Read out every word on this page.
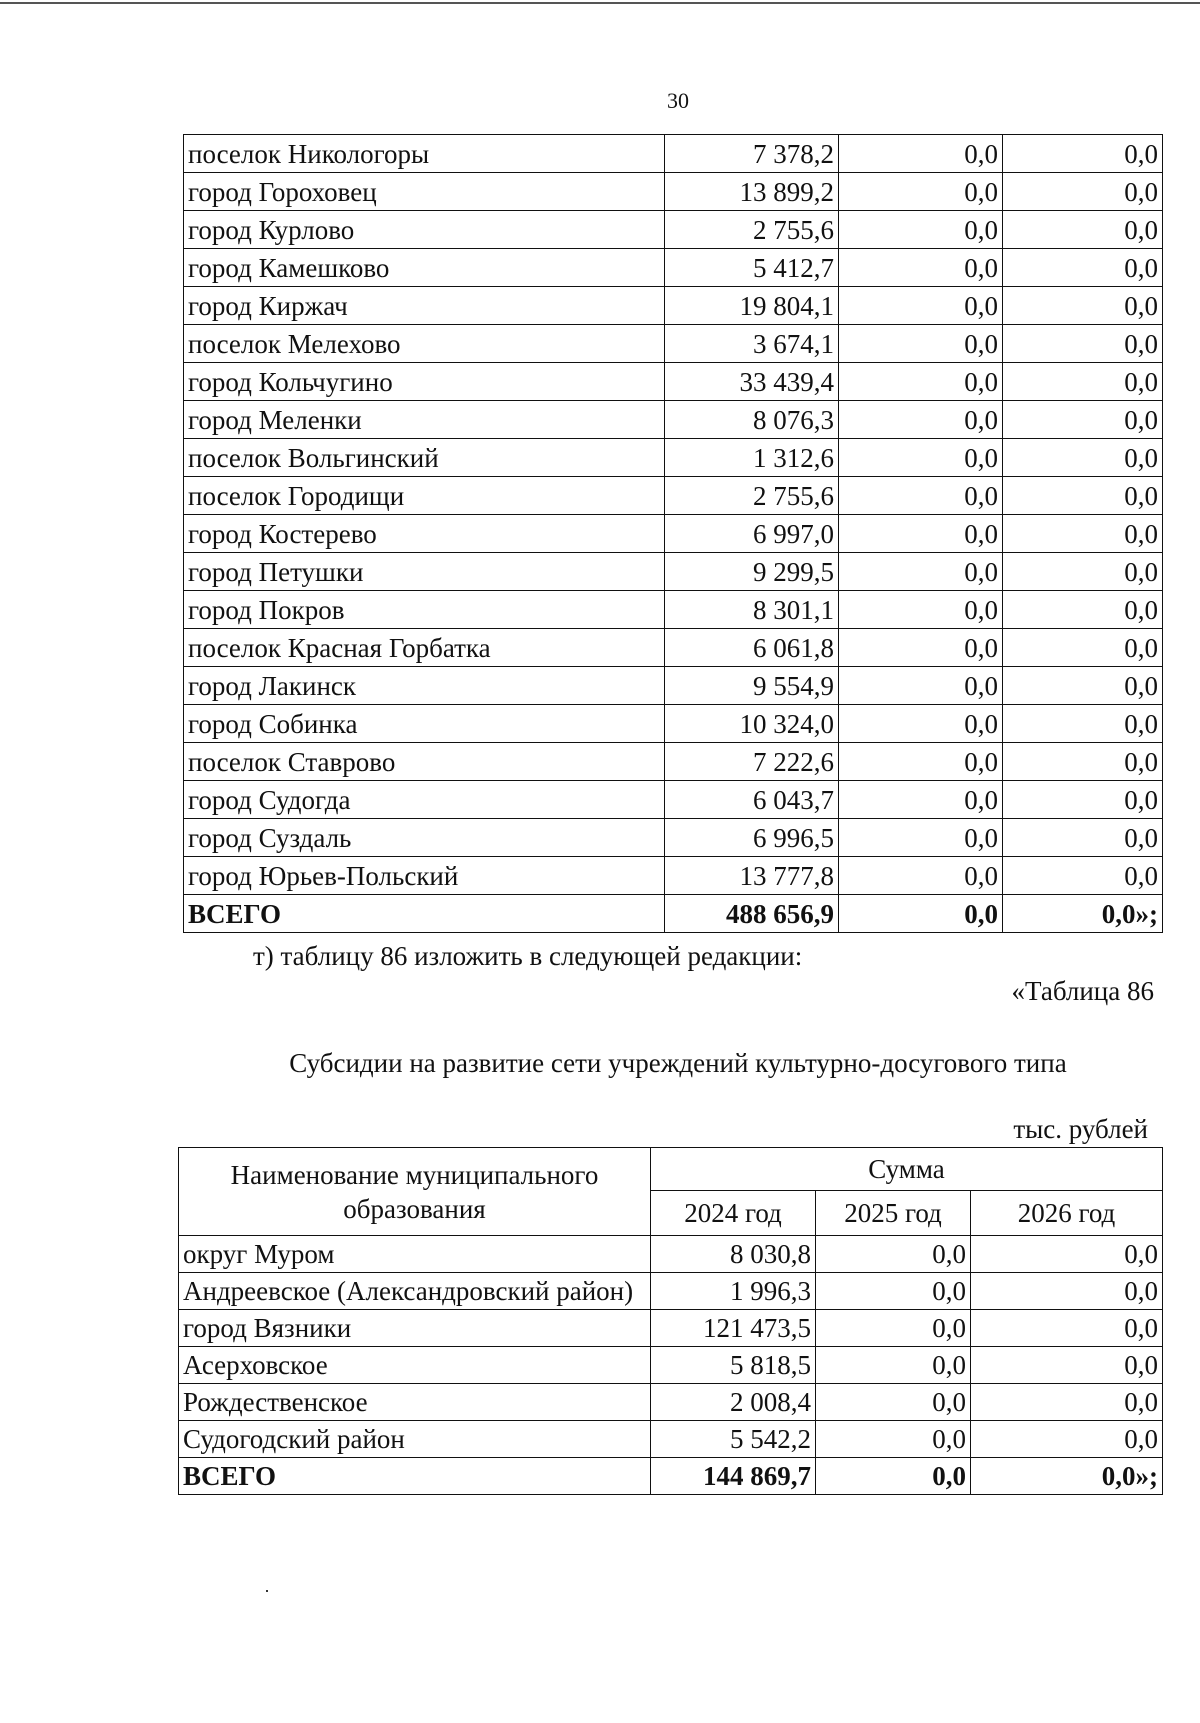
30
поселок Никологоры	7 378,2	0,0	0,0
город Гороховец	13 899,2	0,0	0,0
город Курлово	2 755,6	0,0	0,0
город Камешково	5 412,7	0,0	0,0
город Киржач	19 804,1	0,0	0,0
поселок Мелехово	3 674,1	0,0	0,0
город Кольчугино	33 439,4	0,0	0,0
город Меленки	8 076,3	0,0	0,0
поселок Вольгинский	1 312,6	0,0	0,0
поселок Городищи	2 755,6	0,0	0,0
город Костерево	6 997,0	0,0	0,0
город Петушки	9 299,5	0,0	0,0
город Покров	8 301,1	0,0	0,0
поселок Красная Горбатка	6 061,8	0,0	0,0
город Лакинск	9 554,9	0,0	0,0
город Собинка	10 324,0	0,0	0,0
поселок Ставрово	7 222,6	0,0	0,0
город Судогда	6 043,7	0,0	0,0
город Суздаль	6 996,5	0,0	0,0
город Юрьев-Польский	13 777,8	0,0	0,0
ВСЕГО	488 656,9	0,0	0,0»;
т) таблицу 86 изложить в следующей редакции:
«Таблица 86
Субсидии на развитие сети учреждений культурно-досугового типа
тыс. рублей
Наименование муниципального образования	Сумма		
	2024 год	2025 год	2026 год
округ Муром	8 030,8	0,0	0,0
Андреевское (Александровский район)	1 996,3	0,0	0,0
город Вязники	121 473,5	0,0	0,0
Асерховское	5 818,5	0,0	0,0
Рождественское	2 008,4	0,0	0,0
Судогодский район	5 542,2	0,0	0,0
ВСЕГО	144 869,7	0,0	0,0»;
